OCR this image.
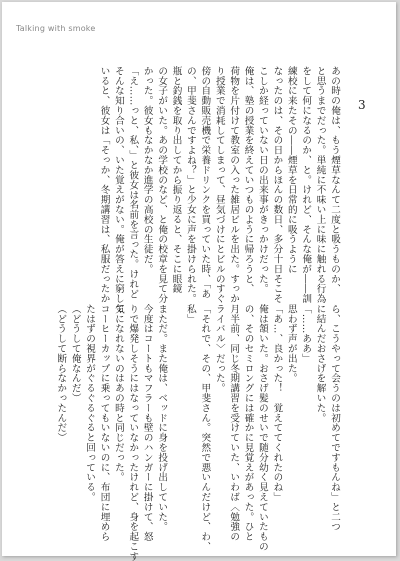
Talking with smoke
3
あの時の俺は、もう煙草なんて二度と吸うものか、
と思うまでだった。単純に不味い上に味に触れる行為
をして何になるのか、と。けれど、そんな俺が――訓
練校に来たその――煙草を日常的に吸うように
なったのは、その日からほんの数日、多分十日そこそ
こしか経っていない日の出来事がきっかけだった。
俺は、塾の授業を終えていつものように帰ろうと、
荷物を片付けて教室の入った雑居ビルを出た。すっか
り授業で消耗してしまって、昼気づけにとビルのすぐ
傍の自動販売機で栄養ドリンクを買っていた時、「あ
の、甲斐さんですよね？」と少女に声を掛けられた。
瓶と釣銭を取り出してから振り返ると、そこに眼鏡
の女子がいた。あの学校のなど、と俺の校章を見て分
かった。彼女もなかなか進学の高校の生徒だ。
「え……っと、私、」と彼女は名前を言った。けれど
そんな知り合いの、いた覚えがない。俺が答えに窮して
いると、彼女は「そっか、冬期講習は、私服だったか
ら、こうやって会うのは初めてですもんね」と二つ
に結んだおさげを解いた。
「……ああ」
思わず声が出た。
「あ…、良かった！　覚えててくれたのね」
俺は頷いた。おさげ髪のせいで随分幼く見えていたもの
の、そのセミロングには確かに見覚えがあった。ひと
月半前、同じ冬期講習を受けていた、いわば〈勉強の
ライバル〉だった。
「それで、その、甲斐さん。突然で悪いんだけど、わ、
私」

まただ。また俺は、ベッドに身を投げ出していた。
今度はコートもマフラーも壁のハンガーに掛けて、怒
りで爆発しそうにはなっていなかったけれど、身を起こす
気になれないのはあの時と同じだった。
コーヒーカップに乗ってもいないのに、布団に埋めら
たはずの視界がぐるぐるぐると回っている。
（どうして俺なんだ）
（どうして断らなかったんだ）
